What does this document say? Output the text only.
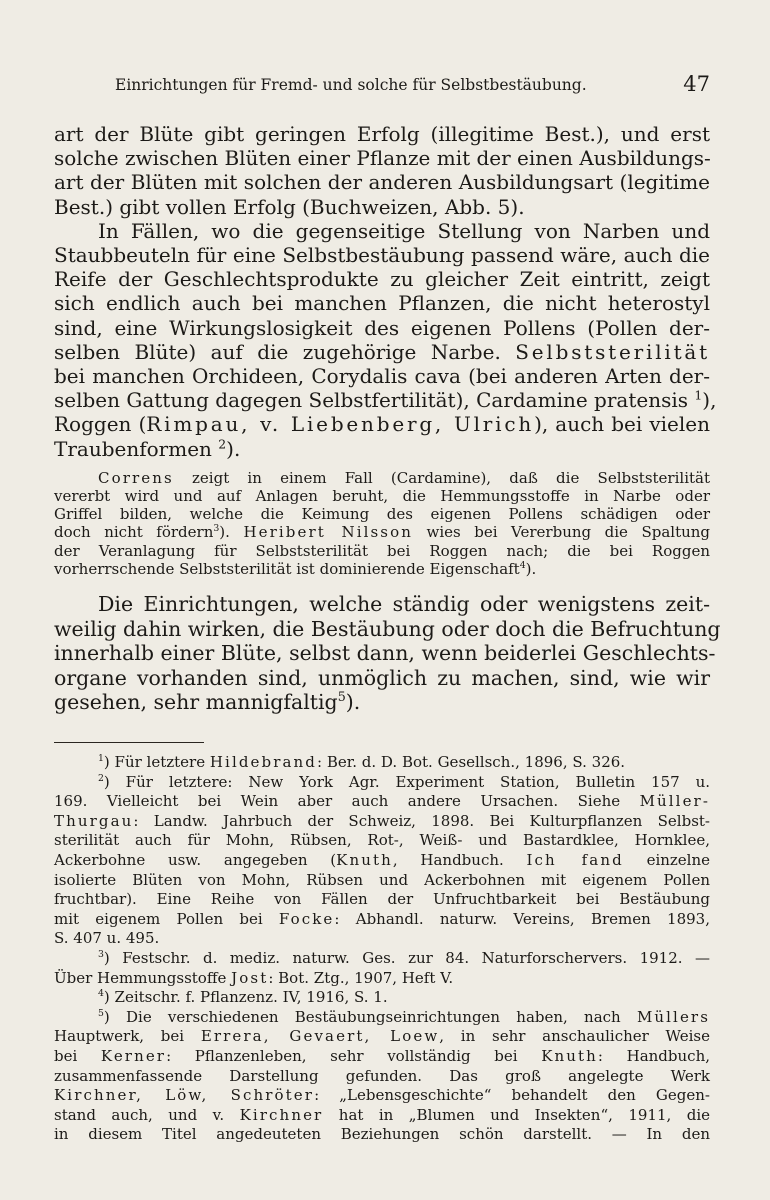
Einrichtungen für Fremd- und solche für Selbstbestäubung.	47

art der Blüte gibt geringen Erfolg (illegitime Best.), und erst
solche zwischen Blüten einer Pflanze mit der einen Ausbildungs-
art der Blüten mit solchen der anderen Ausbildungsart (legitime
Best.) gibt vollen Erfolg (Buchweizen, Abb. 5).

In Fällen, wo die gegenseitige Stellung von Narben und
Staubbeuteln für eine Selbstbestäubung passend wäre, auch die
Reife der Geschlechtsprodukte zu gleicher Zeit eintritt, zeigt
sich endlich auch bei manchen Pflanzen, die nicht heterostyl
sind, eine Wirkungslosigkeit des eigenen Pollens (Pollen der-
selben Blüte) auf die zugehörige Narbe. Selbststerilität
bei manchen Orchideen, Corydalis cava (bei anderen Arten der-
selben Gattung dagegen Selbstfertilität), Cardamine pratensis $^1$),
Roggen (Rimpau, v. Liebenberg, Ulrich), auch bei vielen
Traubenformen $^2$).

Correns zeigt in einem Fall (Cardamine), daß die Selbststerilität
vererbt wird und auf Anlagen beruht, die Hemmungsstoffe in Narbe oder
Griffel bilden, welche die Keimung des eigenen Pollens schädigen oder
doch nicht fördern$^3$). Heribert Nilsson wies bei Vererbung die Spaltung
der Veranlagung für Selbststerilität bei Roggen nach; die bei Roggen
vorherrschende Selbststerilität ist dominierende Eigenschaft$^4$).

Die Einrichtungen, welche ständig oder wenigstens zeit-
weilig dahin wirken, die Bestäubung oder doch die Befruchtung
innerhalb einer Blüte, selbst dann, wenn beiderlei Geschlechts-
organe vorhanden sind, unmöglich zu machen, sind, wie wir
gesehen, sehr mannigfaltig$^5$).

$^1$) Für letztere Hildebrand: Ber. d. D. Bot. Gesellsch., 1896, S. 326.
$^2$) Für letztere: New York Agr. Experiment Station, Bulletin 157 u.
169. Vielleicht bei Wein aber auch andere Ursachen. Siehe Müller-
Thurgau: Landw. Jahrbuch der Schweiz, 1898. Bei Kulturpflanzen Selbst-
sterilität auch für Mohn, Rübsen, Rot-, Weiß- und Bastardklee, Hornklee,
Ackerbohne usw. angegeben (Knuth, Handbuch. Ich fand einzelne
isolierte Blüten von Mohn, Rübsen und Ackerbohnen mit eigenem Pollen
fruchtbar). Eine Reihe von Fällen der Unfruchtbarkeit bei Bestäubung
mit eigenem Pollen bei Focke: Abhandl. naturw. Vereins, Bremen 1893,
S. 407 u. 495.
$^3$) Festschr. d. mediz. naturw. Ges. zur 84. Naturforschervers. 1912. —
Über Hemmungsstoffe Jost: Bot. Ztg., 1907, Heft V.
$^4$) Zeitschr. f. Pflanzenz. IV, 1916, S. 1.
$^5$) Die verschiedenen Bestäubungseinrichtungen haben, nach Müllers
Hauptwerk, bei Errera, Gevaert, Loew, in sehr anschaulicher Weise
bei Kerner: Pflanzenleben, sehr vollständig bei Knuth: Handbuch,
zusammenfassende Darstellung gefunden. Das groß angelegte Werk
Kirchner, Löw, Schröter: „Lebensgeschichte“ behandelt den Gegen-
stand auch, und v. Kirchner hat in „Blumen und Insekten“, 1911, die
in diesem Titel angedeuteten Beziehungen schön darstellt. — In den
